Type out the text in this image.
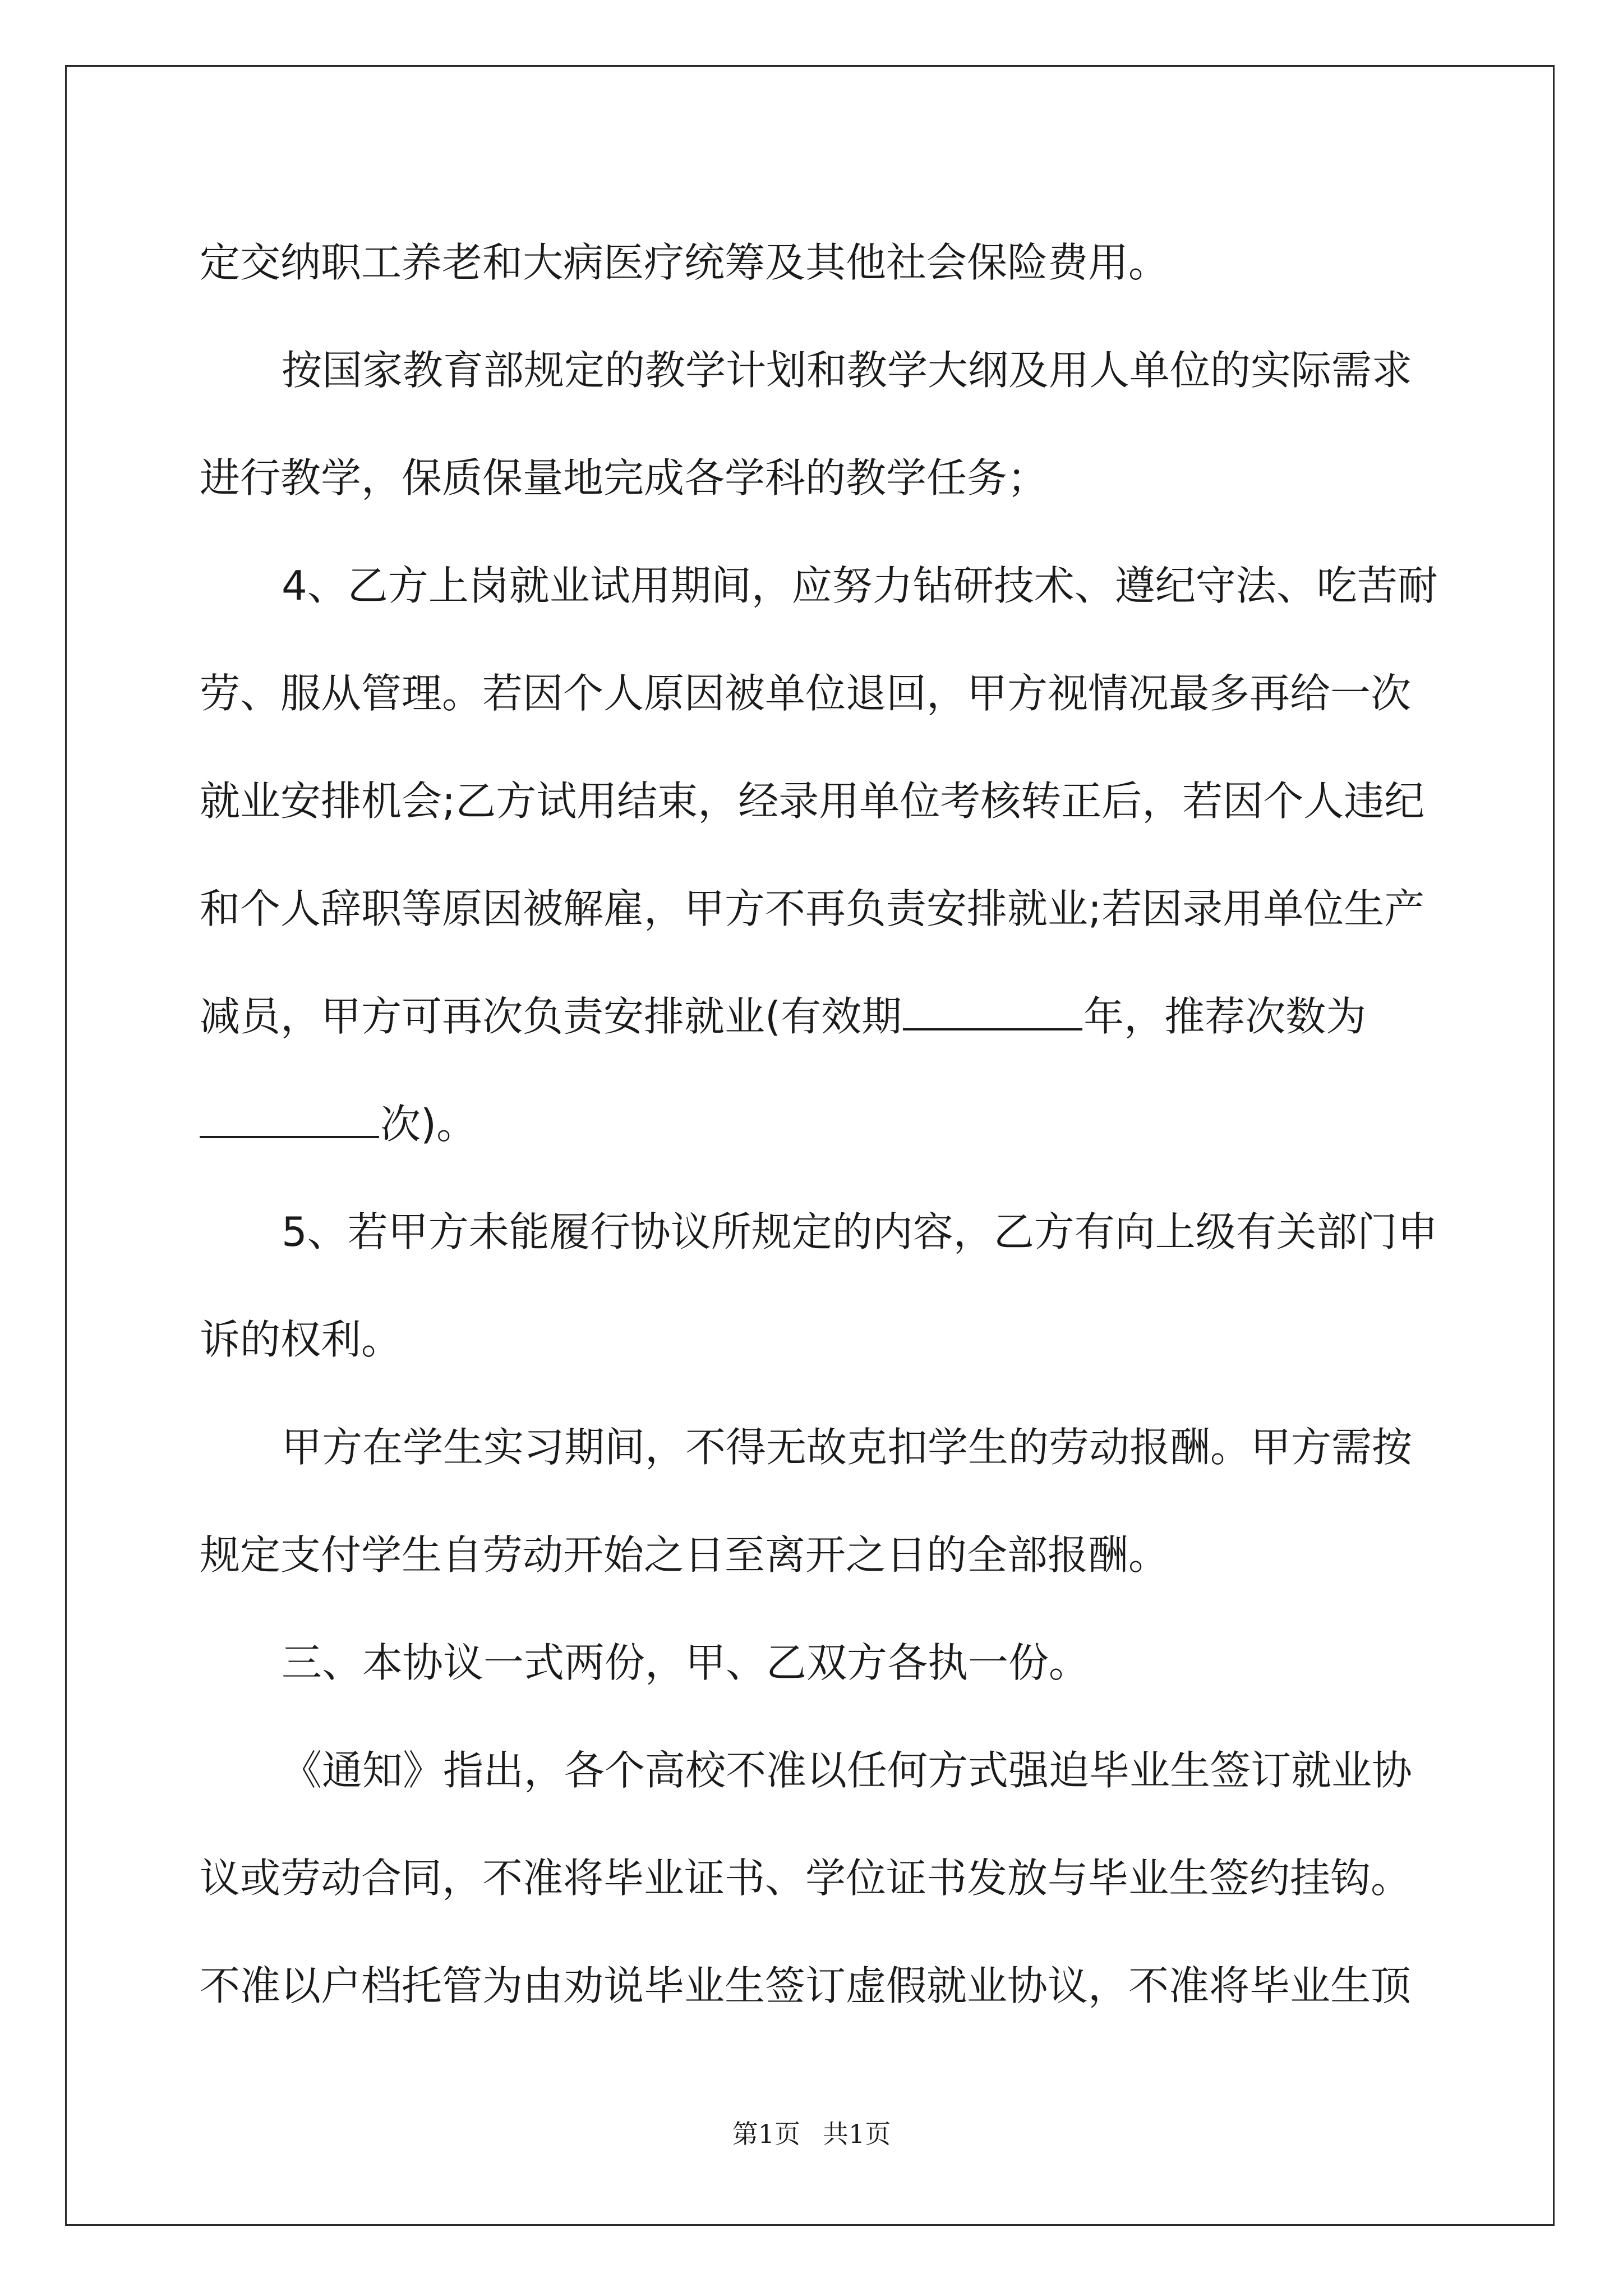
定交纳职工养老和大病医疗统筹及其他社会保险费用。
按国家教育部规定的教学计划和教学大纲及用人单位的实际需求
进行教学，保质保量地完成各学科的教学任务；
4、乙方上岗就业试用期间，应努力钻研技术、遵纪守法、吃苦耐
劳、服从管理。若因个人原因被单位退回，甲方视情况最多再给一次
就业安排机会;乙方试用结束，经录用单位考核转正后，若因个人违纪
和个人辞职等原因被解雇，甲方不再负责安排就业;若因录用单位生产
减员，甲方可再次负责安排就业(有效期	年，推荐次数为
次)。
5、若甲方未能履行协议所规定的内容，乙方有向上级有关部门申
诉的权利。
甲方在学生实习期间，不得无故克扣学生的劳动报酬。甲方需按
规定支付学生自劳动开始之日至离开之日的全部报酬。
三、本协议一式两份，甲、乙双方各执一份。
《通知》指出，各个高校不准以任何方式强迫毕业生签订就业协
议或劳动合同，不准将毕业证书、学位证书发放与毕业生签约挂钩。
不准以户档托管为由劝说毕业生签订虚假就业协议，不准将毕业生顶
第1页 共1页
